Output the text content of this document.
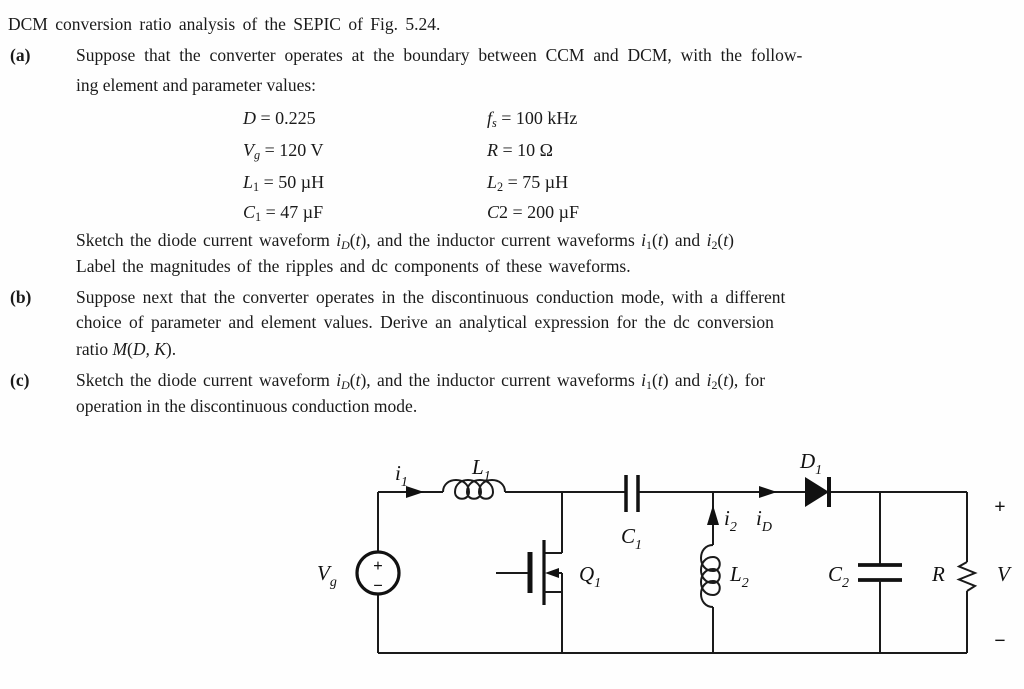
DCM conversion ratio analysis of the SEPIC of Fig. 5.24.
(a)	Suppose that the converter operates at the boundary between CCM and DCM, with the follow-
ing element and parameter values:
D = 0.225	$f_s = 100$ kHz
$V_g = 120$ V	R = 10 Ω
$L_1 = 50$ µH	$L_2 = 75$ µH
$C_1 = 47$ µF	C2 = 200 µF
Sketch the diode current waveform $i_D(t)$, and the inductor current waveforms $i_1(t)$ and $i_2(t)$
Label the magnitudes of the ripples and dc components of these waveforms.
(b)	Suppose next that the converter operates in the discontinuous conduction mode, with a different
choice of parameter and element values. Derive an analytical expression for the dc conversion
ratio M(D, K).
(c)	Sketch the diode current waveform $i_D(t)$, and the inductor current waveforms $i_1(t)$ and $i_2(t)$, for
operation in the discontinuous conduction mode.
+
−
$V_g$
$i_1$
$L_1$
$Q_1$
$C_1$
$i_2$
$L_2$
$i_D$
$D_1$
$C_2$	R
+
V
−
